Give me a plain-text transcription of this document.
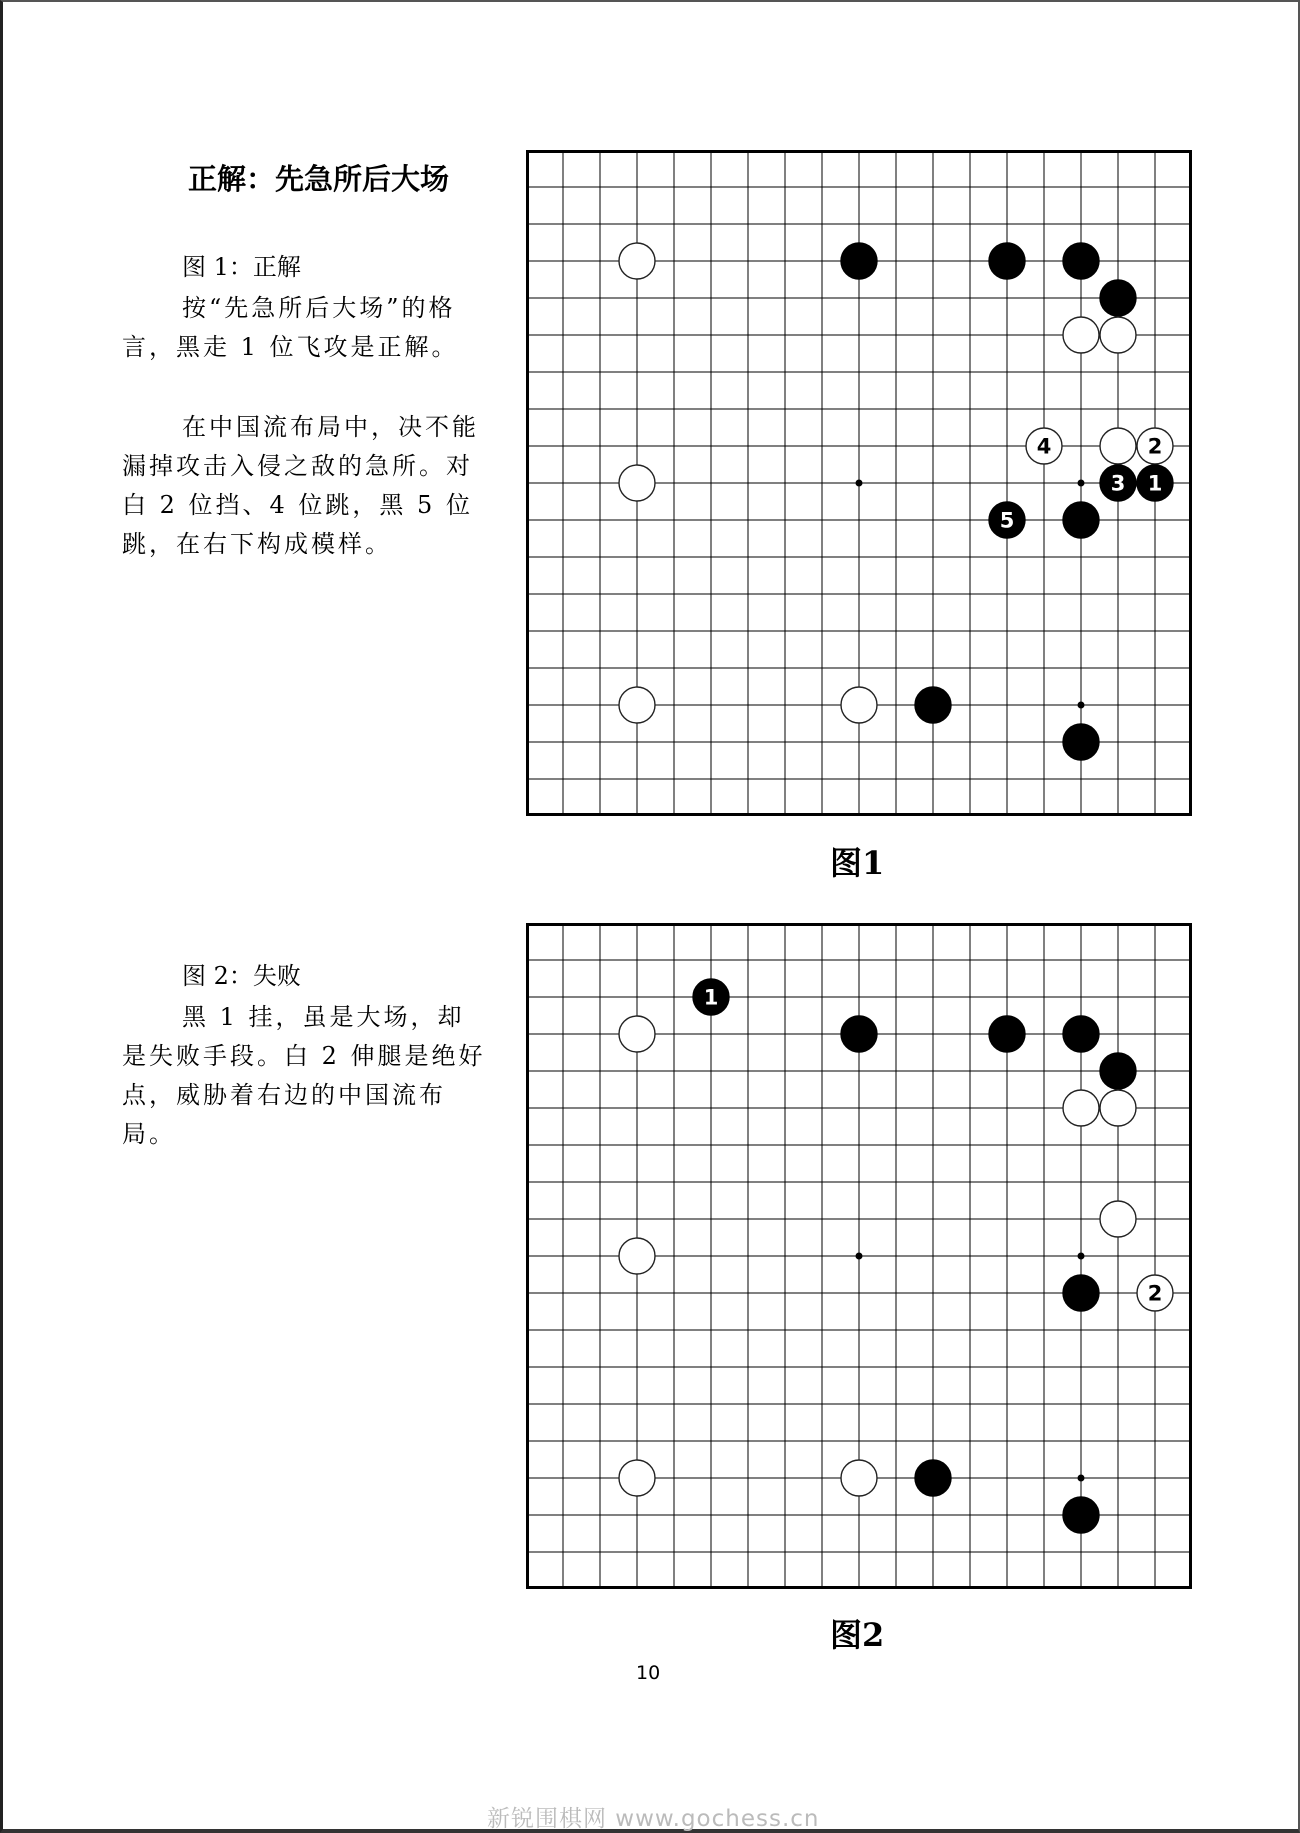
正解：先急所后大场
图 1：正解
按“先急所后大场”的格言，黑走 1 位飞攻是正解。
在中国流布局中，决不能漏掉攻击入侵之敌的急所。对白 2 位挡、4 位跳，黑 5 位跳，在右下构成模样。
4	2
3 1
5
图1
图 2：失败
黑 1 挂，虽是大场，却是失败手段。白 2 伸腿是绝好点，威胁着右边的中国流布局。
1
2
图2
10
新锐围棋网 www.gochess.cn
